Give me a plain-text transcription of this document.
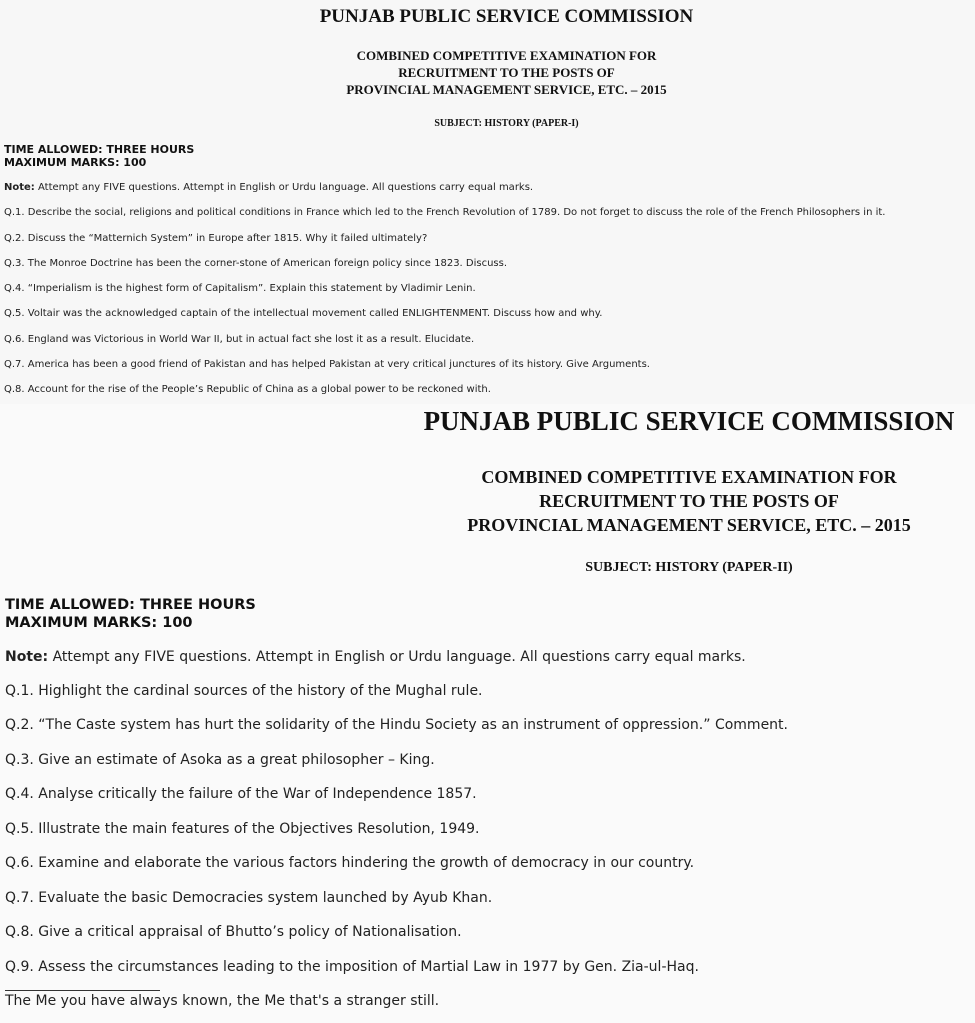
PUNJAB PUBLIC SERVICE COMMISSION
COMBINED COMPETITIVE EXAMINATION FOR
RECRUITMENT TO THE POSTS OF
PROVINCIAL MANAGEMENT SERVICE, ETC. – 2015
SUBJECT: HISTORY (PAPER-I)
TIME ALLOWED: THREE HOURS
MAXIMUM MARKS: 100
Note: Attempt any FIVE questions. Attempt in English or Urdu language. All questions carry equal marks.
Q.1. Describe the social, religions and political conditions in France which led to the French Revolution of 1789. Do not forget to discuss the role of the French Philosophers in it.
Q.2. Discuss the “Matternich System” in Europe after 1815. Why it failed ultimately?
Q.3. The Monroe Doctrine has been the corner-stone of American foreign policy since 1823. Discuss.
Q.4. “Imperialism is the highest form of Capitalism”. Explain this statement by Vladimir Lenin.
Q.5. Voltair was the acknowledged captain of the intellectual movement called ENLIGHTENMENT. Discuss how and why.
Q.6. England was Victorious in World War II, but in actual fact she lost it as a result. Elucidate.
Q.7. America has been a good friend of Pakistan and has helped Pakistan at very critical junctures of its history. Give Arguments.
Q.8. Account for the rise of the People’s Republic of China as a global power to be reckoned with.
PUNJAB PUBLIC SERVICE COMMISSION
COMBINED COMPETITIVE EXAMINATION FOR
RECRUITMENT TO THE POSTS OF
PROVINCIAL MANAGEMENT SERVICE, ETC. – 2015
SUBJECT: HISTORY (PAPER-II)
TIME ALLOWED: THREE HOURS
MAXIMUM MARKS: 100
Note: Attempt any FIVE questions. Attempt in English or Urdu language. All questions carry equal marks.
Q.1. Highlight the cardinal sources of the history of the Mughal rule.
Q.2. “The Caste system has hurt the solidarity of the Hindu Society as an instrument of oppression.” Comment.
Q.3. Give an estimate of Asoka as a great philosopher – King.
Q.4. Analyse critically the failure of the War of Independence 1857.
Q.5. Illustrate the main features of the Objectives Resolution, 1949.
Q.6. Examine and elaborate the various factors hindering the growth of democracy in our country.
Q.7. Evaluate the basic Democracies system launched by Ayub Khan.
Q.8. Give a critical appraisal of Bhutto’s policy of Nationalisation.
Q.9. Assess the circumstances leading to the imposition of Martial Law in 1977 by Gen. Zia-ul-Haq.
The Me you have always known, the Me that's a stranger still.
